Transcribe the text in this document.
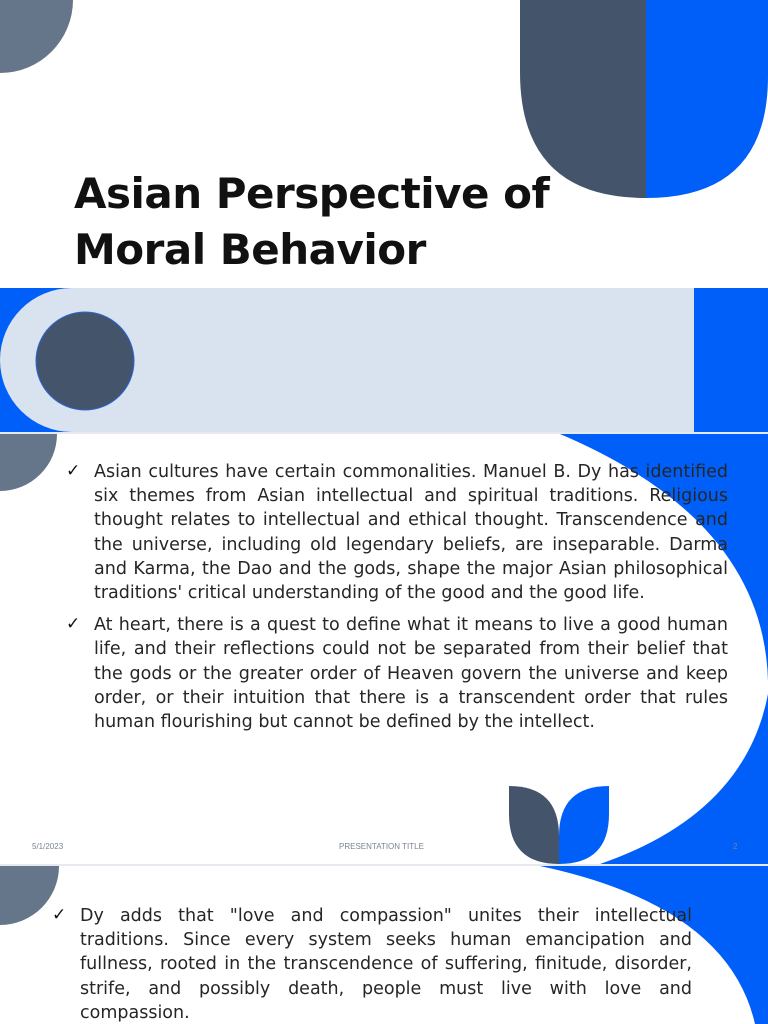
Asian Perspective of
Moral Behavior
✓ Asian cultures have certain commonalities. Manuel B. Dy has identified six themes from Asian intellectual and spiritual traditions. Religious thought relates to intellectual and ethical thought. Transcendence and the universe, including old legendary beliefs, are inseparable. Darma and Karma, the Dao and the gods, shape the major Asian philosophical traditions' critical understanding of the good and the good life.
✓ At heart, there is a quest to define what it means to live a good human life, and their reflections could not be separated from their belief that the gods or the greater order of Heaven govern the universe and keep order, or their intuition that there is a transcendent order that rules human flourishing but cannot be defined by the intellect.
5/1/2023	PRESENTATION TITLE	2
✓ Dy adds that "love and compassion" unites their intellectual traditions. Since every system seeks human emancipation and fullness, rooted in the transcendence of suffering, finitude, disorder, strife, and possibly death, people must live with love and compassion.
